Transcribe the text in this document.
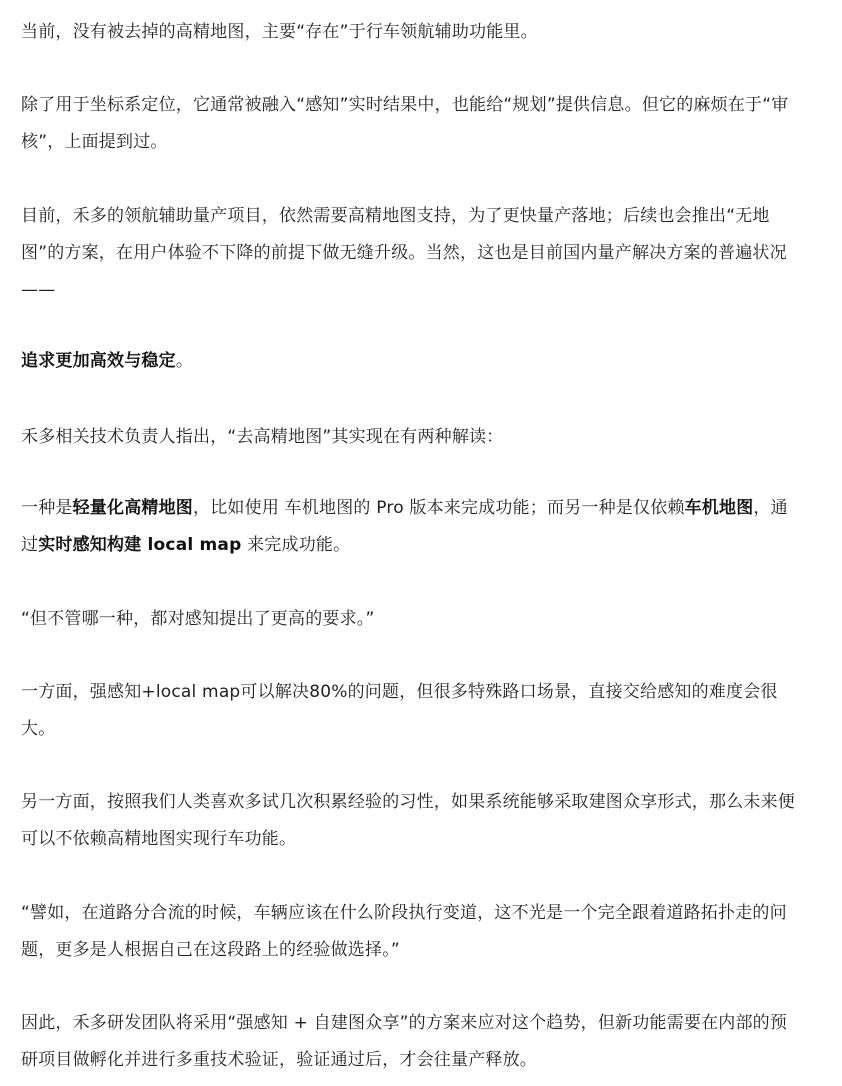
当前，没有被去掉的高精地图，主要“存在”于行车领航辅助功能里。

除了用于坐标系定位，它通常被融入“感知”实时结果中，也能给“规划”提供信息。但它的麻烦在于“审核”，上面提到过。

目前，禾多的领航辅助量产项目，依然需要高精地图支持，为了更快量产落地；后续也会推出“无地图”的方案，在用户体验不下降的前提下做无缝升级。当然，这也是目前国内量产解决方案的普遍状况——

追求更加高效与稳定。

禾多相关技术负责人指出，“去高精地图”其实现在有两种解读：

一种是轻量化高精地图，比如使用 车机地图的 Pro 版本来完成功能；而另一种是仅依赖车机地图，通过实时感知构建 local map 来完成功能。

“但不管哪一种，都对感知提出了更高的要求。”

一方面，强感知+local map可以解决80%的问题，但很多特殊路口场景，直接交给感知的难度会很大。

另一方面，按照我们人类喜欢多试几次积累经验的习性，如果系统能够采取建图众享形式，那么未来便可以不依赖高精地图实现行车功能。

“譬如，在道路分合流的时候，车辆应该在什么阶段执行变道，这不光是一个完全跟着道路拓扑走的问题，更多是人根据自己在这段路上的经验做选择。”

因此，禾多研发团队将采用“强感知 + 自建图众享”的方案来应对这个趋势，但新功能需要在内部的预研项目做孵化并进行多重技术验证，验证通过后，才会往量产释放。
